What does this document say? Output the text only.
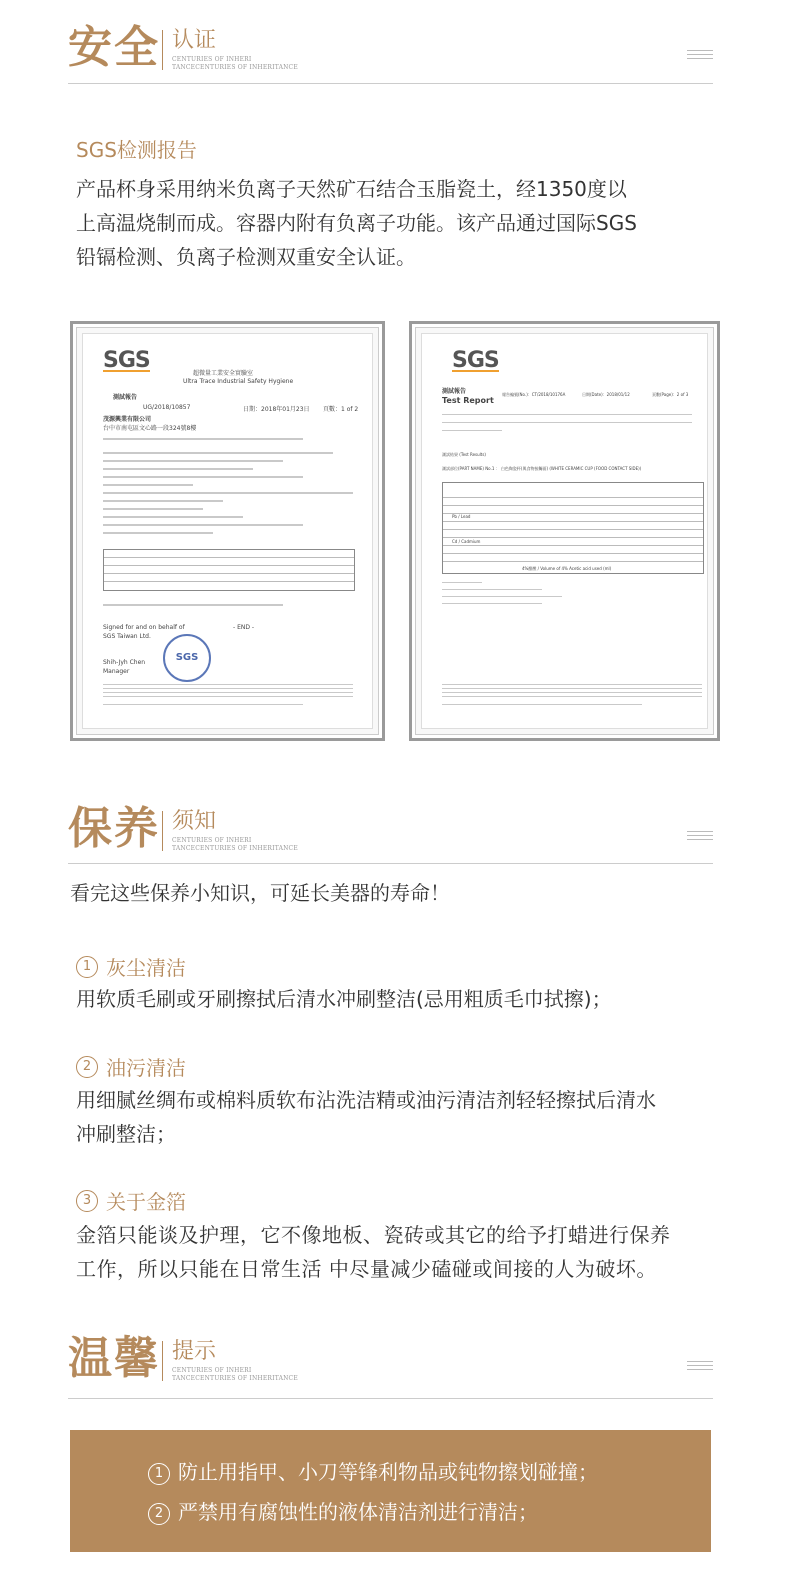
安全 认证
CENTURIES OF INHERI
TANCECENTURIES OF INHERITANCE
SGS检测报告
产品杯身采用纳米负离子天然矿石结合玉脂瓷土，经1350度以
上高温烧制而成。容器内附有负离子功能。该产品通过国际SGS
铅镉检测、负离子检测双重安全认证。
SGS
超微量工業安全實驗室
Ultra Trace Industrial Safety Hygiene
測試報告
UG/2018/10857	日期：2018年01月23日 頁數：1 of 2
茂源興業有限公司
台中市南屯區文心路一段324號8樓
Signed for and on behalf of
SGS Taiwan Ltd.
- END -
SGS
Shih-Jyh Chen
Manager
SGS
測試報告
Test Report
報告編號(No.)：CT/2018/10176A	日期(Date)：2018/01/12	頁數(Page)：2 of 3
測試結果 (Test Results)
測試部位(PART NAME) No.1 ： 白色陶瓷杯(與食物接觸面) (WHITE CERAMIC CUP (FOOD CONTACT SIDE))
Pb / Lead
Cd / Cadmium
4%醋酸 / Volume of 4% Acetic acid used (ml)
保养 须知
CENTURIES OF INHERI
TANCECENTURIES OF INHERITANCE
看完这些保养小知识，可延长美器的寿命！
1 灰尘清洁
用软质毛刷或牙刷擦拭后清水冲刷整洁(忌用粗质毛巾拭擦)；
2 油污清洁
用细腻丝绸布或棉料质软布沾洗洁精或油污清洁剂轻轻擦拭后清水
冲刷整洁；
3 关于金箔
金箔只能谈及护理，它不像地板、瓷砖或其它的给予打蜡进行保养
工作，所以只能在日常生活 中尽量减少磕碰或间接的人为破坏。
温馨 提示
CENTURIES OF INHERI
TANCECENTURIES OF INHERITANCE
1 防止用指甲、小刀等锋利物品或钝物擦划碰撞；
2 严禁用有腐蚀性的液体清洁剂进行清洁；
